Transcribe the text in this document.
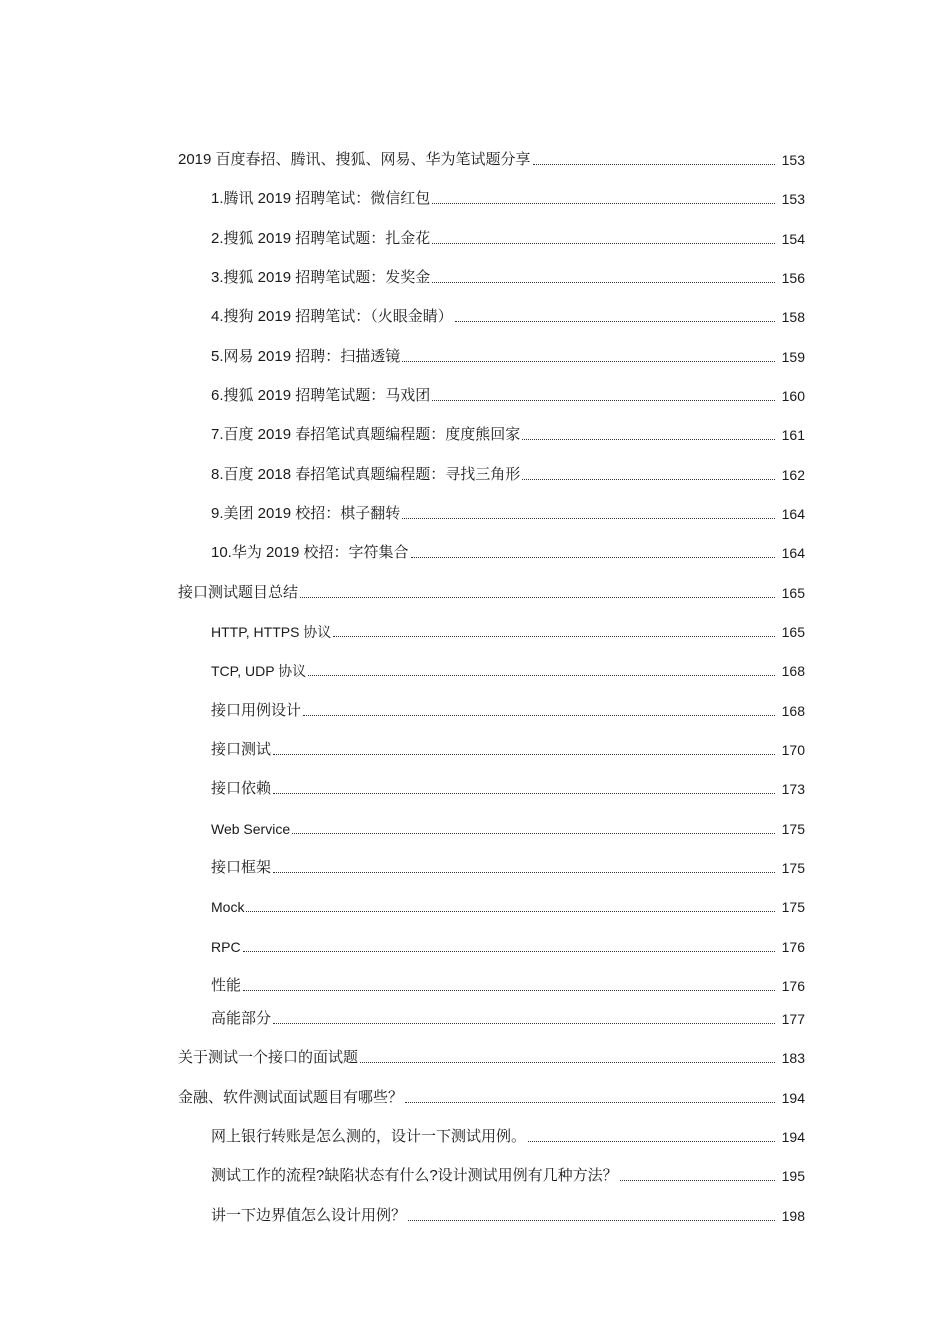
2019 百度春招、腾讯、搜狐、网易、华为笔试题分享	153
1.腾讯 2019 招聘笔试：微信红包	153
2.搜狐 2019 招聘笔试题：扎金花	154
3.搜狐 2019 招聘笔试题：发奖金	156
4.搜狗 2019 招聘笔试：（火眼金睛）	158
5.网易 2019 招聘：扫描透镜	159
6.搜狐 2019 招聘笔试题：马戏团	160
7.百度 2019 春招笔试真题编程题：度度熊回家	161
8.百度 2018 春招笔试真题编程题：寻找三角形	162
9.美团 2019 校招：棋子翻转	164
10.华为 2019 校招：字符集合	164
接口测试题目总结	165
HTTP, HTTPS 协议	165
TCP, UDP 协议	168
接口用例设计	168
接口测试	170
接口依赖	173
Web Service	175
接口框架	175
Mock	175
RPC	176
性能	176
高能部分	177
关于测试一个接口的面试题	183
金融、软件测试面试题目有哪些？	194
网上银行转账是怎么测的，设计一下测试用例。	194
测试工作的流程?缺陷状态有什么?设计测试用例有几种方法？	195
讲一下边界值怎么设计用例？	198
